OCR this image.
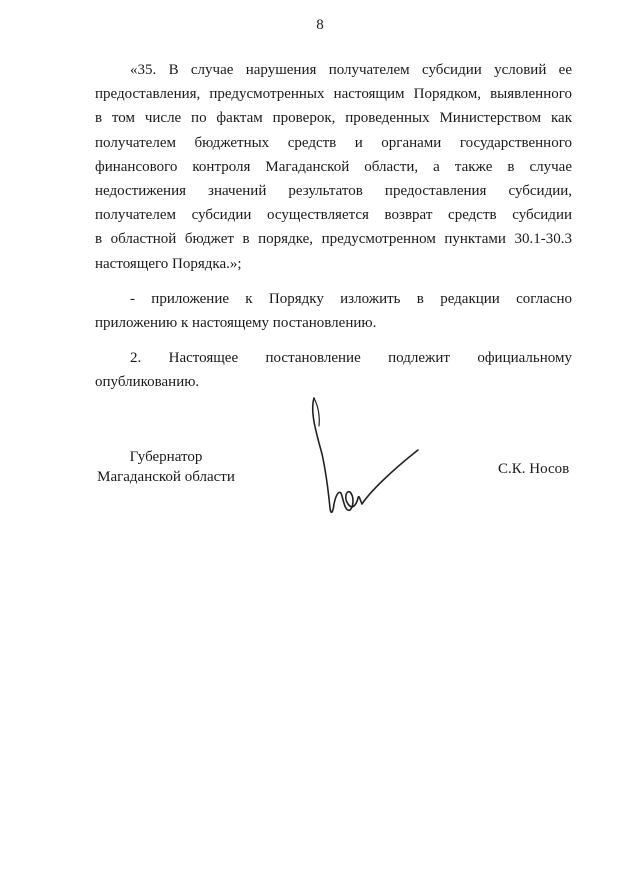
8
«35. В случае нарушения получателем субсидии условий ее
предоставления, предусмотренных настоящим Порядком, выявленного
в том числе по фактам проверок, проведенных Министерством как
получателем бюджетных средств и органами государственного
финансового контроля Магаданской области, а также в случае
недостижения значений результатов предоставления субсидии,
получателем субсидии осуществляется возврат средств субсидии
в областной бюджет в порядке, предусмотренном пунктами 30.1-30.3
настоящего Порядка.»;
- приложение к Порядку изложить в редакции согласно
приложению к настоящему постановлению.
2. Настоящее постановление подлежит официальному
опубликованию.
Губернатор
Магаданской области	С.К. Носов
